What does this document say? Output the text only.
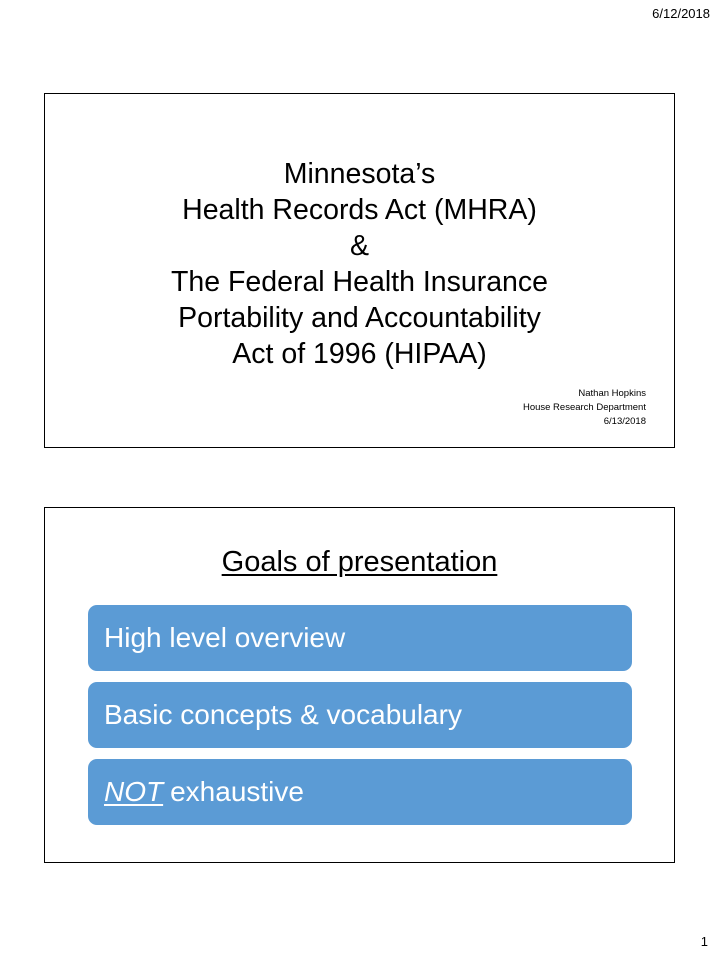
6/12/2018
Minnesota’s
Health Records Act (MHRA)
&
The Federal Health Insurance
Portability and Accountability
Act of 1996 (HIPAA)
Nathan Hopkins
House Research Department
6/13/2018
Goals of presentation
High level overview
Basic concepts & vocabulary
NOT exhaustive
1
